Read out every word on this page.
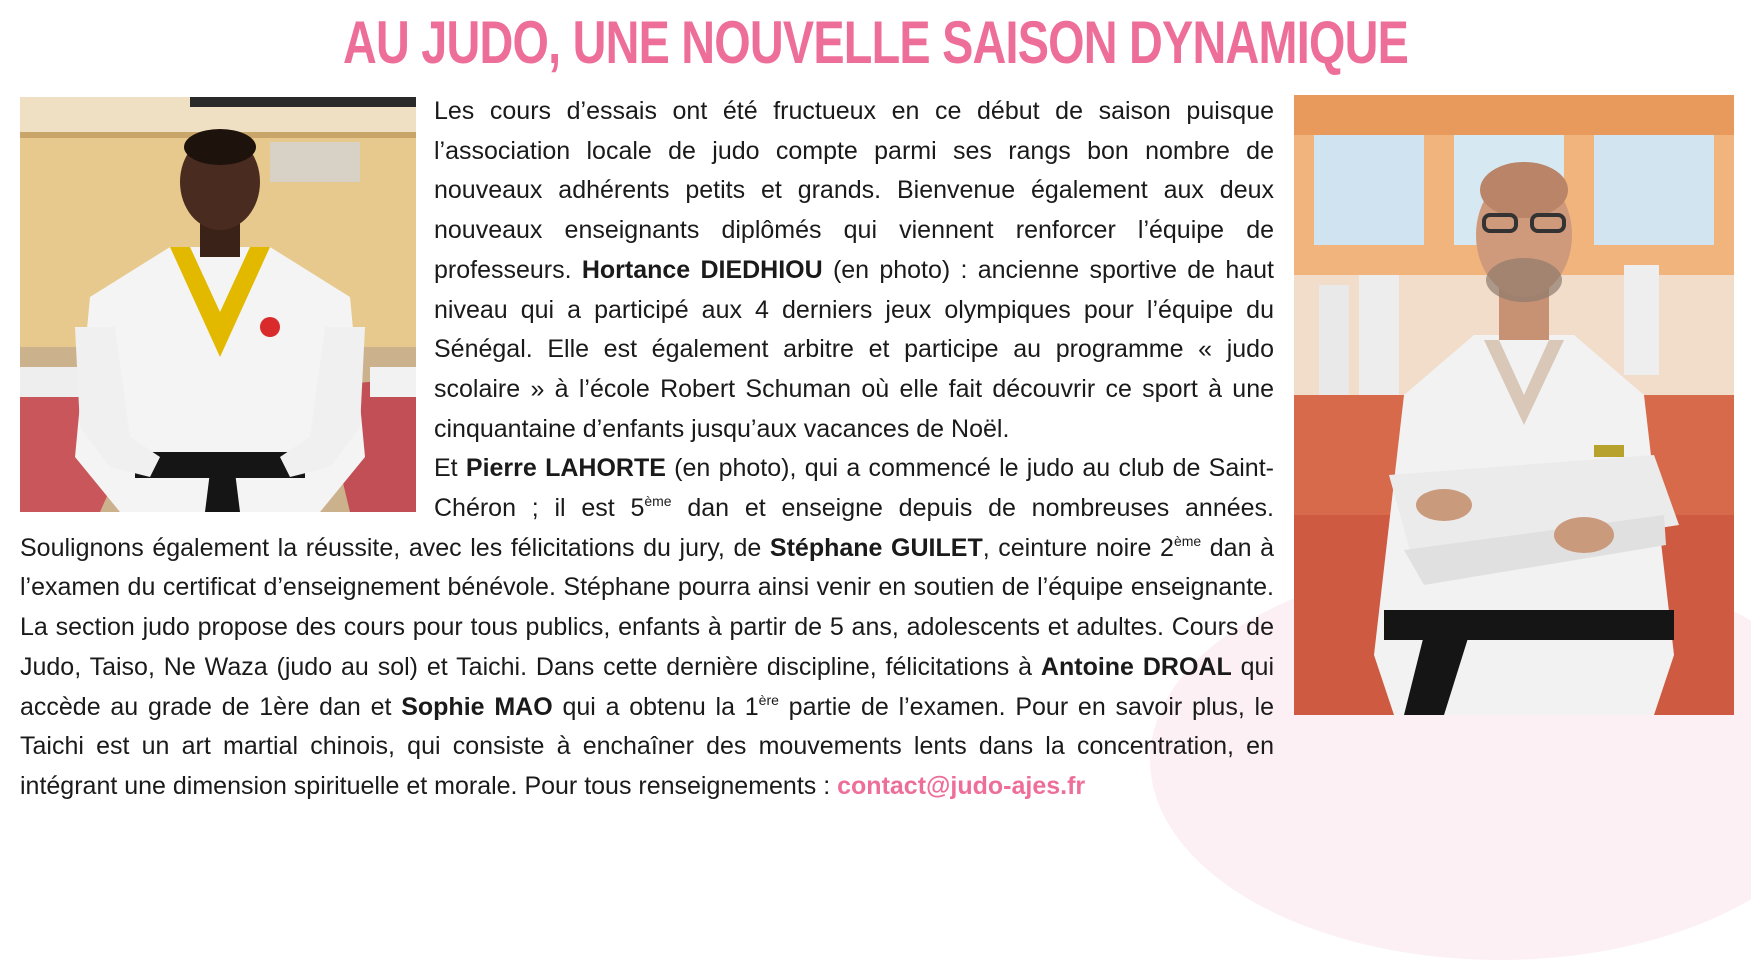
AU JUDO, UNE NOUVELLE SAISON DYNAMIQUE
Les cours d’essais ont été fructueux en ce début de saison puisque l’association locale de judo compte parmi ses rangs bon nombre de nouveaux adhérents petits et grands. Bienvenue également aux deux nouveaux enseignants diplômés qui viennent renforcer l’équipe de professeurs. Hortance DIEDHIOU (en photo) : ancienne sportive de haut niveau qui a participé aux 4 derniers jeux olympiques pour l’équipe du Sénégal. Elle est également arbitre et participe au programme « judo scolaire » à l’école Robert Schuman où elle fait découvrir ce sport à une cinquantaine d’enfants jusqu’aux vacances de Noël.
Et Pierre LAHORTE (en photo), qui a commencé le judo au club de Saint-Chéron ; il est 5ème dan et enseigne depuis de nombreuses années. Soulignons également la réussite, avec les félicitations du jury, de Stéphane GUILET, ceinture noire 2ème dan à l’examen du certificat d’enseignement bénévole. Stéphane pourra ainsi venir en soutien de l’équipe enseignante. La section judo propose des cours pour tous publics, enfants à partir de 5 ans, adolescents et adultes. Cours de Judo, Taiso, Ne Waza (judo au sol) et Taichi. Dans cette dernière discipline, félicitations à Antoine DROAL qui accède au grade de 1ère dan et Sophie MAO qui a obtenu la 1ère partie de l’examen. Pour en savoir plus, le Taichi est un art martial chinois, qui consiste à enchaîner des mouvements lents dans la concentration, en intégrant une dimension spirituelle et morale. Pour tous renseignements : contact@judo-ajes.fr
